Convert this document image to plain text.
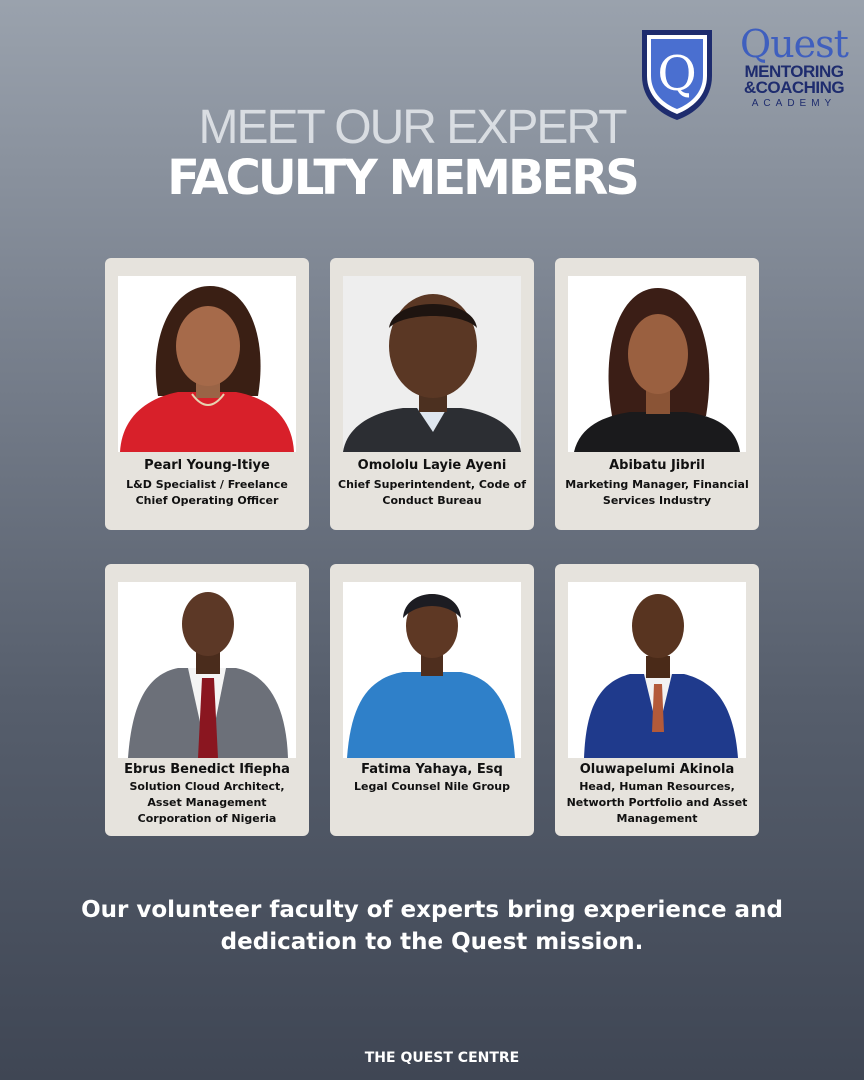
Q
Quest
MENTORING
&COACHING
ACADEMY
MEET OUR EXPERT
FACULTY MEMBERS
Pearl Young-Itiye
L&D Specialist / Freelance Chief Operating Officer
Omololu Layie Ayeni
Chief Superintendent, Code of Conduct Bureau
Abibatu Jibril
Marketing Manager, Financial Services Industry
Ebrus Benedict Ifiepha
Solution Cloud Architect, Asset Management Corporation of Nigeria
Fatima Yahaya, Esq
Legal Counsel Nile Group
Oluwapelumi Akinola
Head, Human Resources, Networth Portfolio and Asset Management
Our volunteer faculty of experts bring experience and dedication to the Quest mission.
THE QUEST CENTRE
